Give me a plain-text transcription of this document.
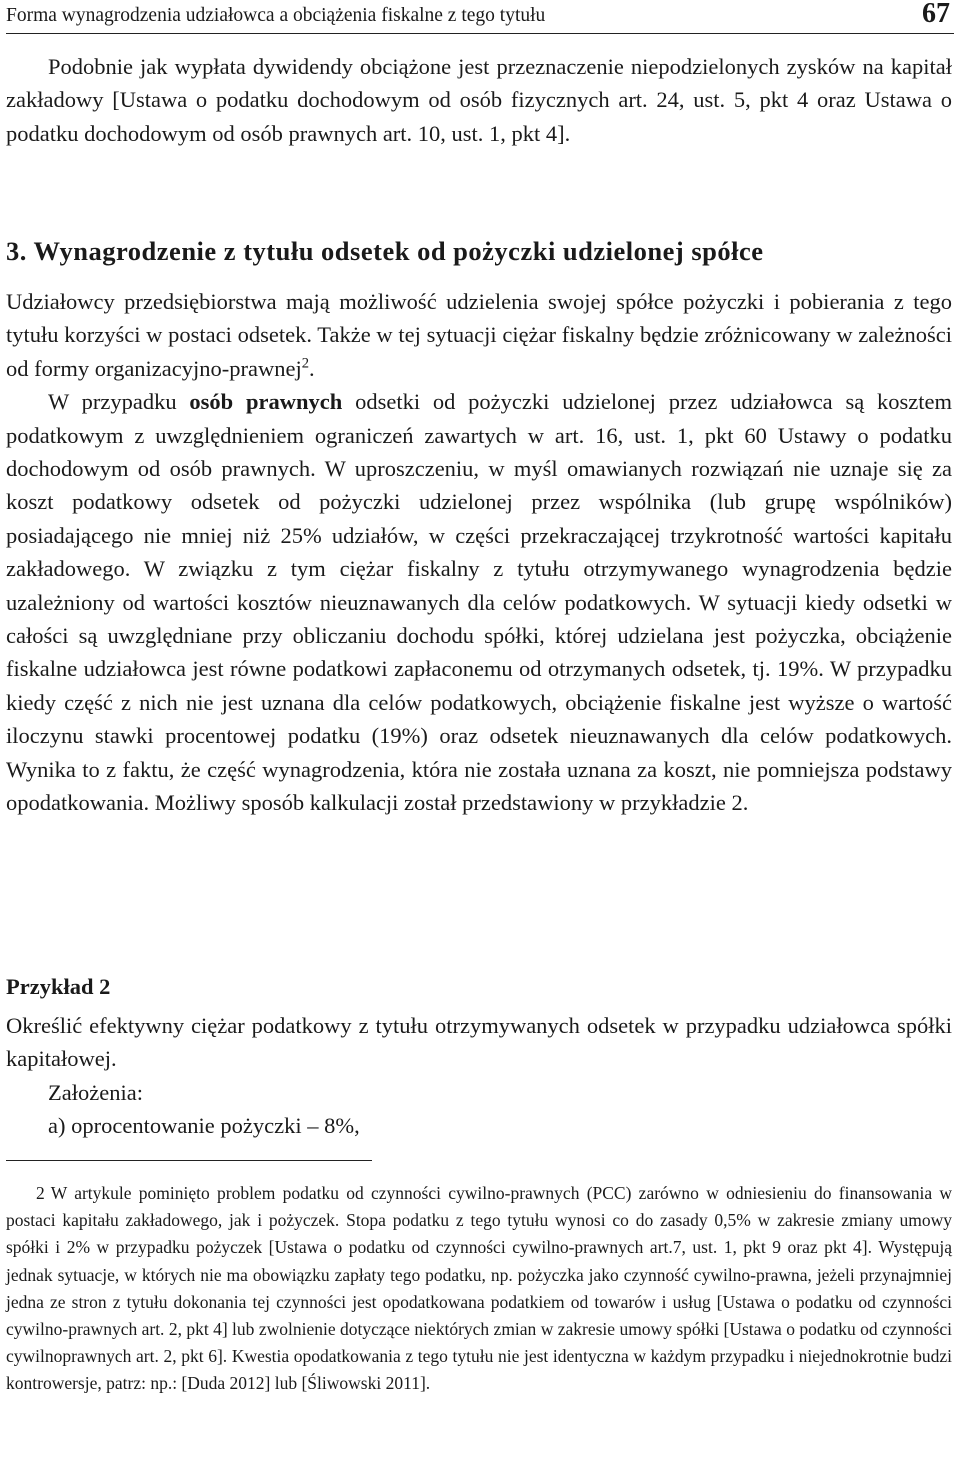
Forma wynagrodzenia udziałowca a obciążenia fiskalne z tego tytułu	67

Podobnie jak wypłata dywidendy obciążone jest przeznaczenie niepodzielonych zysków na kapitał zakładowy [Ustawa o podatku dochodowym od osób fizycznych art. 24, ust. 5, pkt 4 oraz Ustawa o podatku dochodowym od osób prawnych art. 10, ust. 1, pkt 4].

3. Wynagrodzenie z tytułu odsetek od pożyczki udzielonej spółce

Udziałowcy przedsiębiorstwa mają możliwość udzielenia swojej spółce pożyczki i pobierania z tego tytułu korzyści w postaci odsetek. Także w tej sytuacji ciężar fiskalny będzie zróżnicowany w zależności od formy organizacyjno-prawnej$^2$.

W przypadku osób prawnych odsetki od pożyczki udzielonej przez udziałowca są kosztem podatkowym z uwzględnieniem ograniczeń zawartych w art. 16, ust. 1, pkt 60 Ustawy o podatku dochodowym od osób prawnych. W uproszczeniu, w myśl omawianych rozwiązań nie uznaje się za koszt podatkowy odsetek od pożyczki udzielonej przez wspólnika (lub grupę wspólników) posiadającego nie mniej niż 25% udziałów, w części przekraczającej trzykrotność wartości kapitału zakładowego. W związku z tym ciężar fiskalny z tytułu otrzymywanego wynagrodzenia będzie uzależniony od wartości kosztów nieuznawanych dla celów podatkowych. W sytuacji kiedy odsetki w całości są uwzględniane przy obliczaniu dochodu spółki, której udzielana jest pożyczka, obciążenie fiskalne udziałowca jest równe podatkowi zapłaconemu od otrzymanych odsetek, tj. 19%. W przypadku kiedy część z nich nie jest uznana dla celów podatkowych, obciążenie fiskalne jest wyższe o wartość iloczynu stawki procentowej podatku (19%) oraz odsetek nieuznawanych dla celów podatkowych. Wynika to z faktu, że część wynagrodzenia, która nie została uznana za koszt, nie pomniejsza podstawy opodatkowania. Możliwy sposób kalkulacji został przedstawiony w przykładzie 2.

Przykład 2

Określić efektywny ciężar podatkowy z tytułu otrzymywanych odsetek w przypadku udziałowca spółki kapitałowej.

Założenia:

a) oprocentowanie pożyczki – 8%,

2 W artykule pominięto problem podatku od czynności cywilno-prawnych (PCC) zarówno w odniesieniu do finansowania w postaci kapitału zakładowego, jak i pożyczek. Stopa podatku z tego tytułu wynosi co do zasady 0,5% w zakresie zmiany umowy spółki i 2% w przypadku pożyczek [Ustawa o podatku od czynności cywilno-prawnych art.7, ust. 1, pkt 9 oraz pkt 4]. Występują jednak sytuacje, w których nie ma obowiązku zapłaty tego podatku, np. pożyczka jako czynność cywilno-prawna, jeżeli przynajmniej jedna ze stron z tytułu dokonania tej czynności jest opodatkowana podatkiem od towarów i usług [Ustawa o podatku od czynności cywilno-prawnych art. 2, pkt 4] lub zwolnienie dotyczące niektórych zmian w zakresie umowy spółki [Ustawa o podatku od czynności cywilnoprawnych art. 2, pkt 6]. Kwestia opodatkowania z tego tytułu nie jest identyczna w każdym przypadku i niejednokrotnie budzi kontrowersje, patrz: np.: [Duda 2012] lub [Śliwowski 2011].
